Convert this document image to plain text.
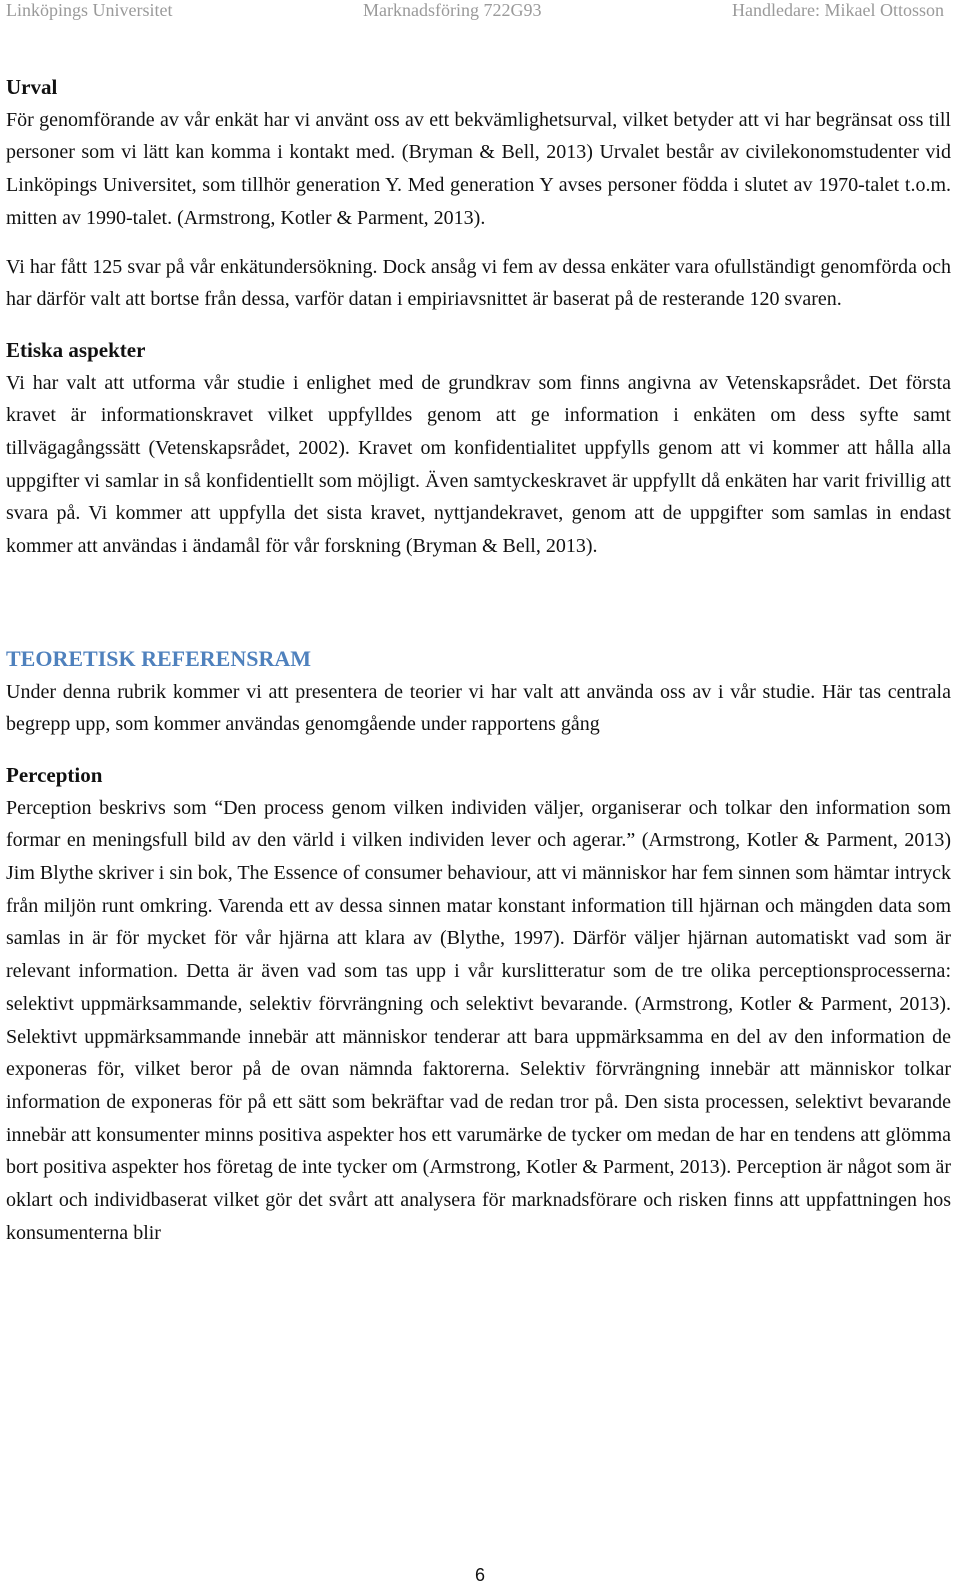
Linköpings Universitet	Marknadsföring 722G93	Handledare: Mikael Ottosson
Urval

För genomförande av vår enkät har vi använt oss av ett bekvämlighetsurval, vilket betyder att vi har begränsat oss till personer som vi lätt kan komma i kontakt med. (Bryman & Bell, 2013) Urvalet består av civilekonomstudenter vid Linköpings Universitet, som tillhör generation Y. Med generation Y avses personer födda i slutet av 1970-talet t.o.m. mitten av 1990-talet. (Armstrong, Kotler & Parment, 2013).

Vi har fått 125 svar på vår enkätundersökning. Dock ansåg vi fem av dessa enkäter vara ofullständigt genomförda och har därför valt att bortse från dessa, varför datan i empiriavsnittet är baserat på de resterande 120 svaren.

Etiska aspekter

Vi har valt att utforma vår studie i enlighet med de grundkrav som finns angivna av Vetenskapsrådet. Det första kravet är informationskravet vilket uppfylldes genom att ge information i enkäten om dess syfte samt tillvägagångssätt (Vetenskapsrådet, 2002). Kravet om konfidentialitet uppfylls genom att vi kommer att hålla alla uppgifter vi samlar in så konfidentiellt som möjligt. Även samtyckeskravet är uppfyllt då enkäten har varit frivillig att svara på. Vi kommer att uppfylla det sista kravet, nyttjandekravet, genom att de uppgifter som samlas in endast kommer att användas i ändamål för vår forskning (Bryman & Bell, 2013).

TEORETISK REFERENSRAM

Under denna rubrik kommer vi att presentera de teorier vi har valt att använda oss av i vår studie. Här tas centrala begrepp upp, som kommer användas genomgående under rapportens gång

Perception

Perception beskrivs som “Den process genom vilken individen väljer, organiserar och tolkar den information som formar en meningsfull bild av den värld i vilken individen lever och agerar.” (Armstrong, Kotler & Parment, 2013) Jim Blythe skriver i sin bok, The Essence of consumer behaviour, att vi människor har fem sinnen som hämtar intryck från miljön runt omkring. Varenda ett av dessa sinnen matar konstant information till hjärnan och mängden data som samlas in är för mycket för vår hjärna att klara av (Blythe, 1997). Därför väljer hjärnan automatiskt vad som är relevant information. Detta är även vad som tas upp i vår kurslitteratur som de tre olika perceptionsprocesserna: selektivt uppmärksammande, selektiv förvrängning och selektivt bevarande. (Armstrong, Kotler & Parment, 2013). Selektivt uppmärksammande innebär att människor tenderar att bara uppmärksamma en del av den information de exponeras för, vilket beror på de ovan nämnda faktorerna. Selektiv förvrängning innebär att människor tolkar information de exponeras för på ett sätt som bekräftar vad de redan tror på. Den sista processen, selektivt bevarande innebär att konsumenter minns positiva aspekter hos ett varumärke de tycker om medan de har en tendens att glömma bort positiva aspekter hos företag de inte tycker om (Armstrong, Kotler & Parment, 2013). Perception är något som är oklart och individbaserat vilket gör det svårt att analysera för marknadsförare och risken finns att uppfattningen hos konsumenterna blir

6
